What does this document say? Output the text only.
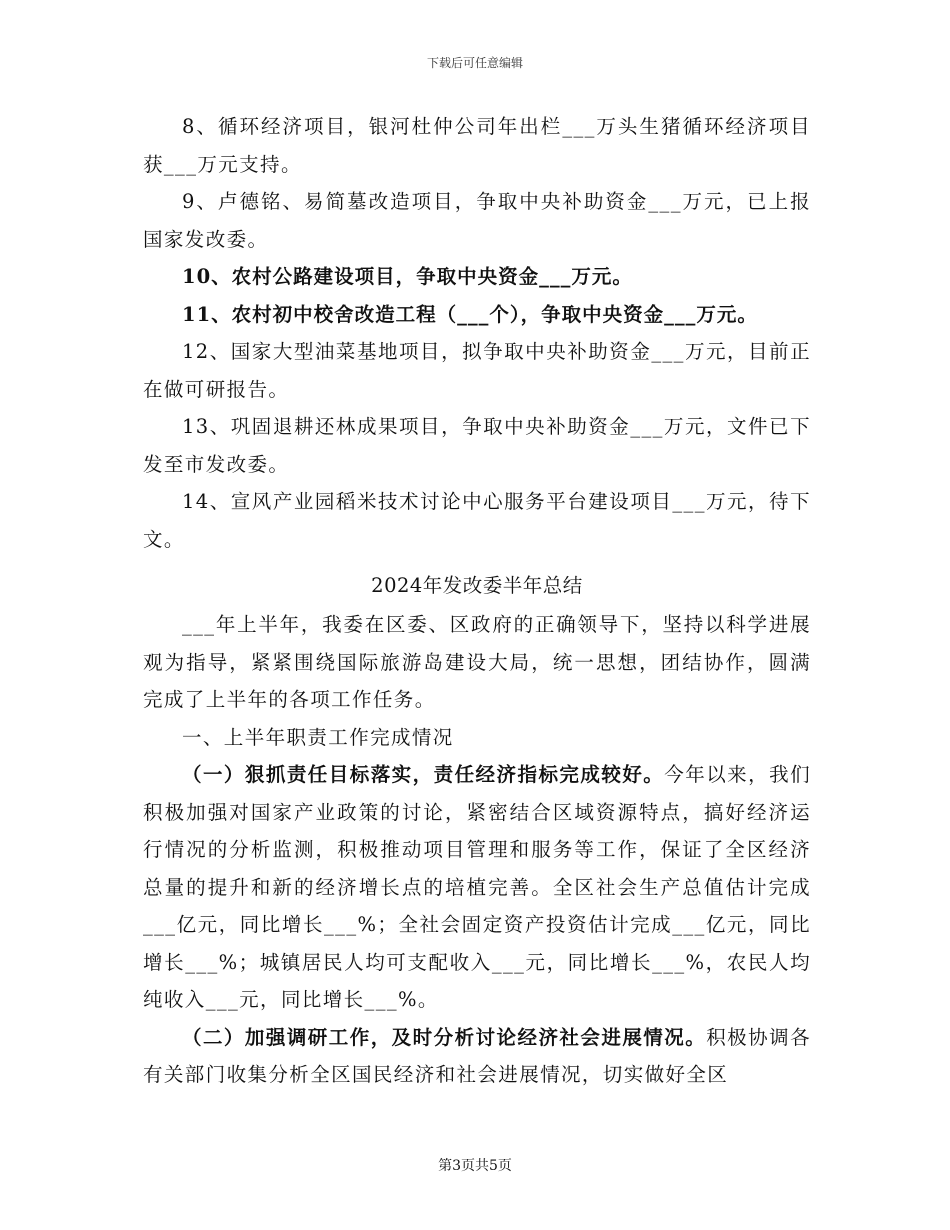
下载后可任意编辑

8、循环经济项目，银河杜仲公司年出栏___万头生猪循环经济项目获___万元支持。

9、卢德铭、易简墓改造项目，争取中央补助资金___万元，已上报国家发改委。

10、农村公路建设项目，争取中央资金___万元。

11、农村初中校舍改造工程（___个），争取中央资金___万元。

12、国家大型油菜基地项目，拟争取中央补助资金___万元，目前正在做可研报告。

13、巩固退耕还林成果项目，争取中央补助资金___万元，文件已下发至市发改委。

14、宣风产业园稻米技术讨论中心服务平台建设项目___万元，待下文。

2024年发改委半年总结

___年上半年，我委在区委、区政府的正确领导下，坚持以科学进展观为指导，紧紧围绕国际旅游岛建设大局，统一思想，团结协作，圆满完成了上半年的各项工作任务。

一、上半年职责工作完成情况

（一）狠抓责任目标落实，责任经济指标完成较好。今年以来，我们积极加强对国家产业政策的讨论，紧密结合区域资源特点，搞好经济运行情况的分析监测，积极推动项目管理和服务等工作，保证了全区经济总量的提升和新的经济增长点的培植完善。全区社会生产总值估计完成___亿元，同比增长___%；全社会固定资产投资估计完成___亿元，同比增长___%；城镇居民人均可支配收入___元，同比增长___%，农民人均纯收入___元，同比增长___%。

（二）加强调研工作，及时分析讨论经济社会进展情况。积极协调各有关部门收集分析全区国民经济和社会进展情况，切实做好全区

第3页共5页
